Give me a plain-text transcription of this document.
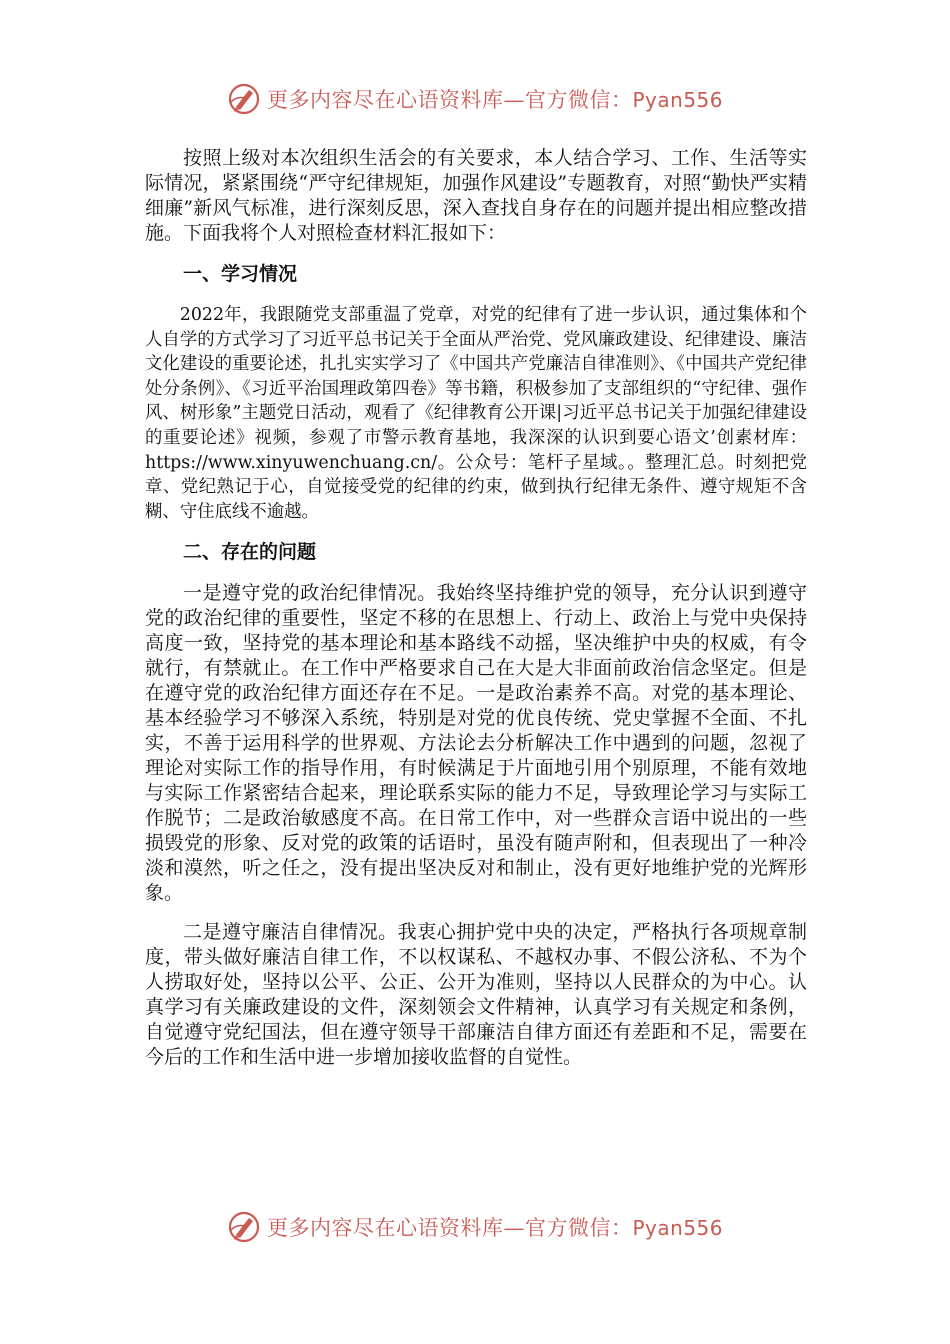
更多内容尽在心语资料库—官方微信：Pyan556

按照上级对本次组织生活会的有关要求，本人结合学习、工作、生活等实际情况，紧紧围绕“严守纪律规矩，加强作风建设”专题教育，对照“勤快严实精细廉”新风气标准，进行深刻反思，深入查找自身存在的问题并提出相应整改措施。下面我将个人对照检查材料汇报如下：

一、学习情况

2022年，我跟随党支部重温了党章，对党的纪律有了进一步认识，通过集体和个人自学的方式学习了习近平总书记关于全面从严治党、党风廉政建设、纪律建设、廉洁文化建设的重要论述，扎扎实实学习了《中国共产党廉洁自律准则》、《中国共产党纪律处分条例》、《习近平治国理政第四卷》等书籍，积极参加了支部组织的“守纪律、强作风、树形象”主题党日活动，观看了《纪律教育公开课|习近平总书记关于加强纪律建设的重要论述》视频，参观了市警示教育基地，我深深的认识到要心语文’创素材库：https://www.xinyuwenchuang.cn/。公众号：笔杆子星域。。整理汇总。时刻把党章、党纪熟记于心，自觉接受党的纪律的约束，做到执行纪律无条件、遵守规矩不含糊、守住底线不逾越。

二、存在的问题

一是遵守党的政治纪律情况。我始终坚持维护党的领导，充分认识到遵守党的政治纪律的重要性，坚定不移的在思想上、行动上、政治上与党中央保持高度一致，坚持党的基本理论和基本路线不动摇，坚决维护中央的权威，有令就行，有禁就止。在工作中严格要求自己在大是大非面前政治信念坚定。但是在遵守党的政治纪律方面还存在不足。一是政治素养不高。对党的基本理论、基本经验学习不够深入系统，特别是对党的优良传统、党史掌握不全面、不扎实，不善于运用科学的世界观、方法论去分析解决工作中遇到的问题，忽视了理论对实际工作的指导作用，有时候满足于片面地引用个别原理，不能有效地与实际工作紧密结合起来，理论联系实际的能力不足，导致理论学习与实际工作脱节；二是政治敏感度不高。在日常工作中，对一些群众言语中说出的一些损毁党的形象、反对党的政策的话语时，虽没有随声附和，但表现出了一种冷淡和漠然，听之任之，没有提出坚决反对和制止，没有更好地维护党的光辉形象。

二是遵守廉洁自律情况。我衷心拥护党中央的决定，严格执行各项规章制度，带头做好廉洁自律工作，不以权谋私、不越权办事、不假公济私、不为个人捞取好处，坚持以公平、公正、公开为准则，坚持以人民群众的为中心。认真学习有关廉政建设的文件，深刻领会文件精神，认真学习有关规定和条例，自觉遵守党纪国法，但在遵守领导干部廉洁自律方面还有差距和不足，需要在今后的工作和生活中进一步增加接收监督的自觉性。

更多内容尽在心语资料库—官方微信：Pyan556
